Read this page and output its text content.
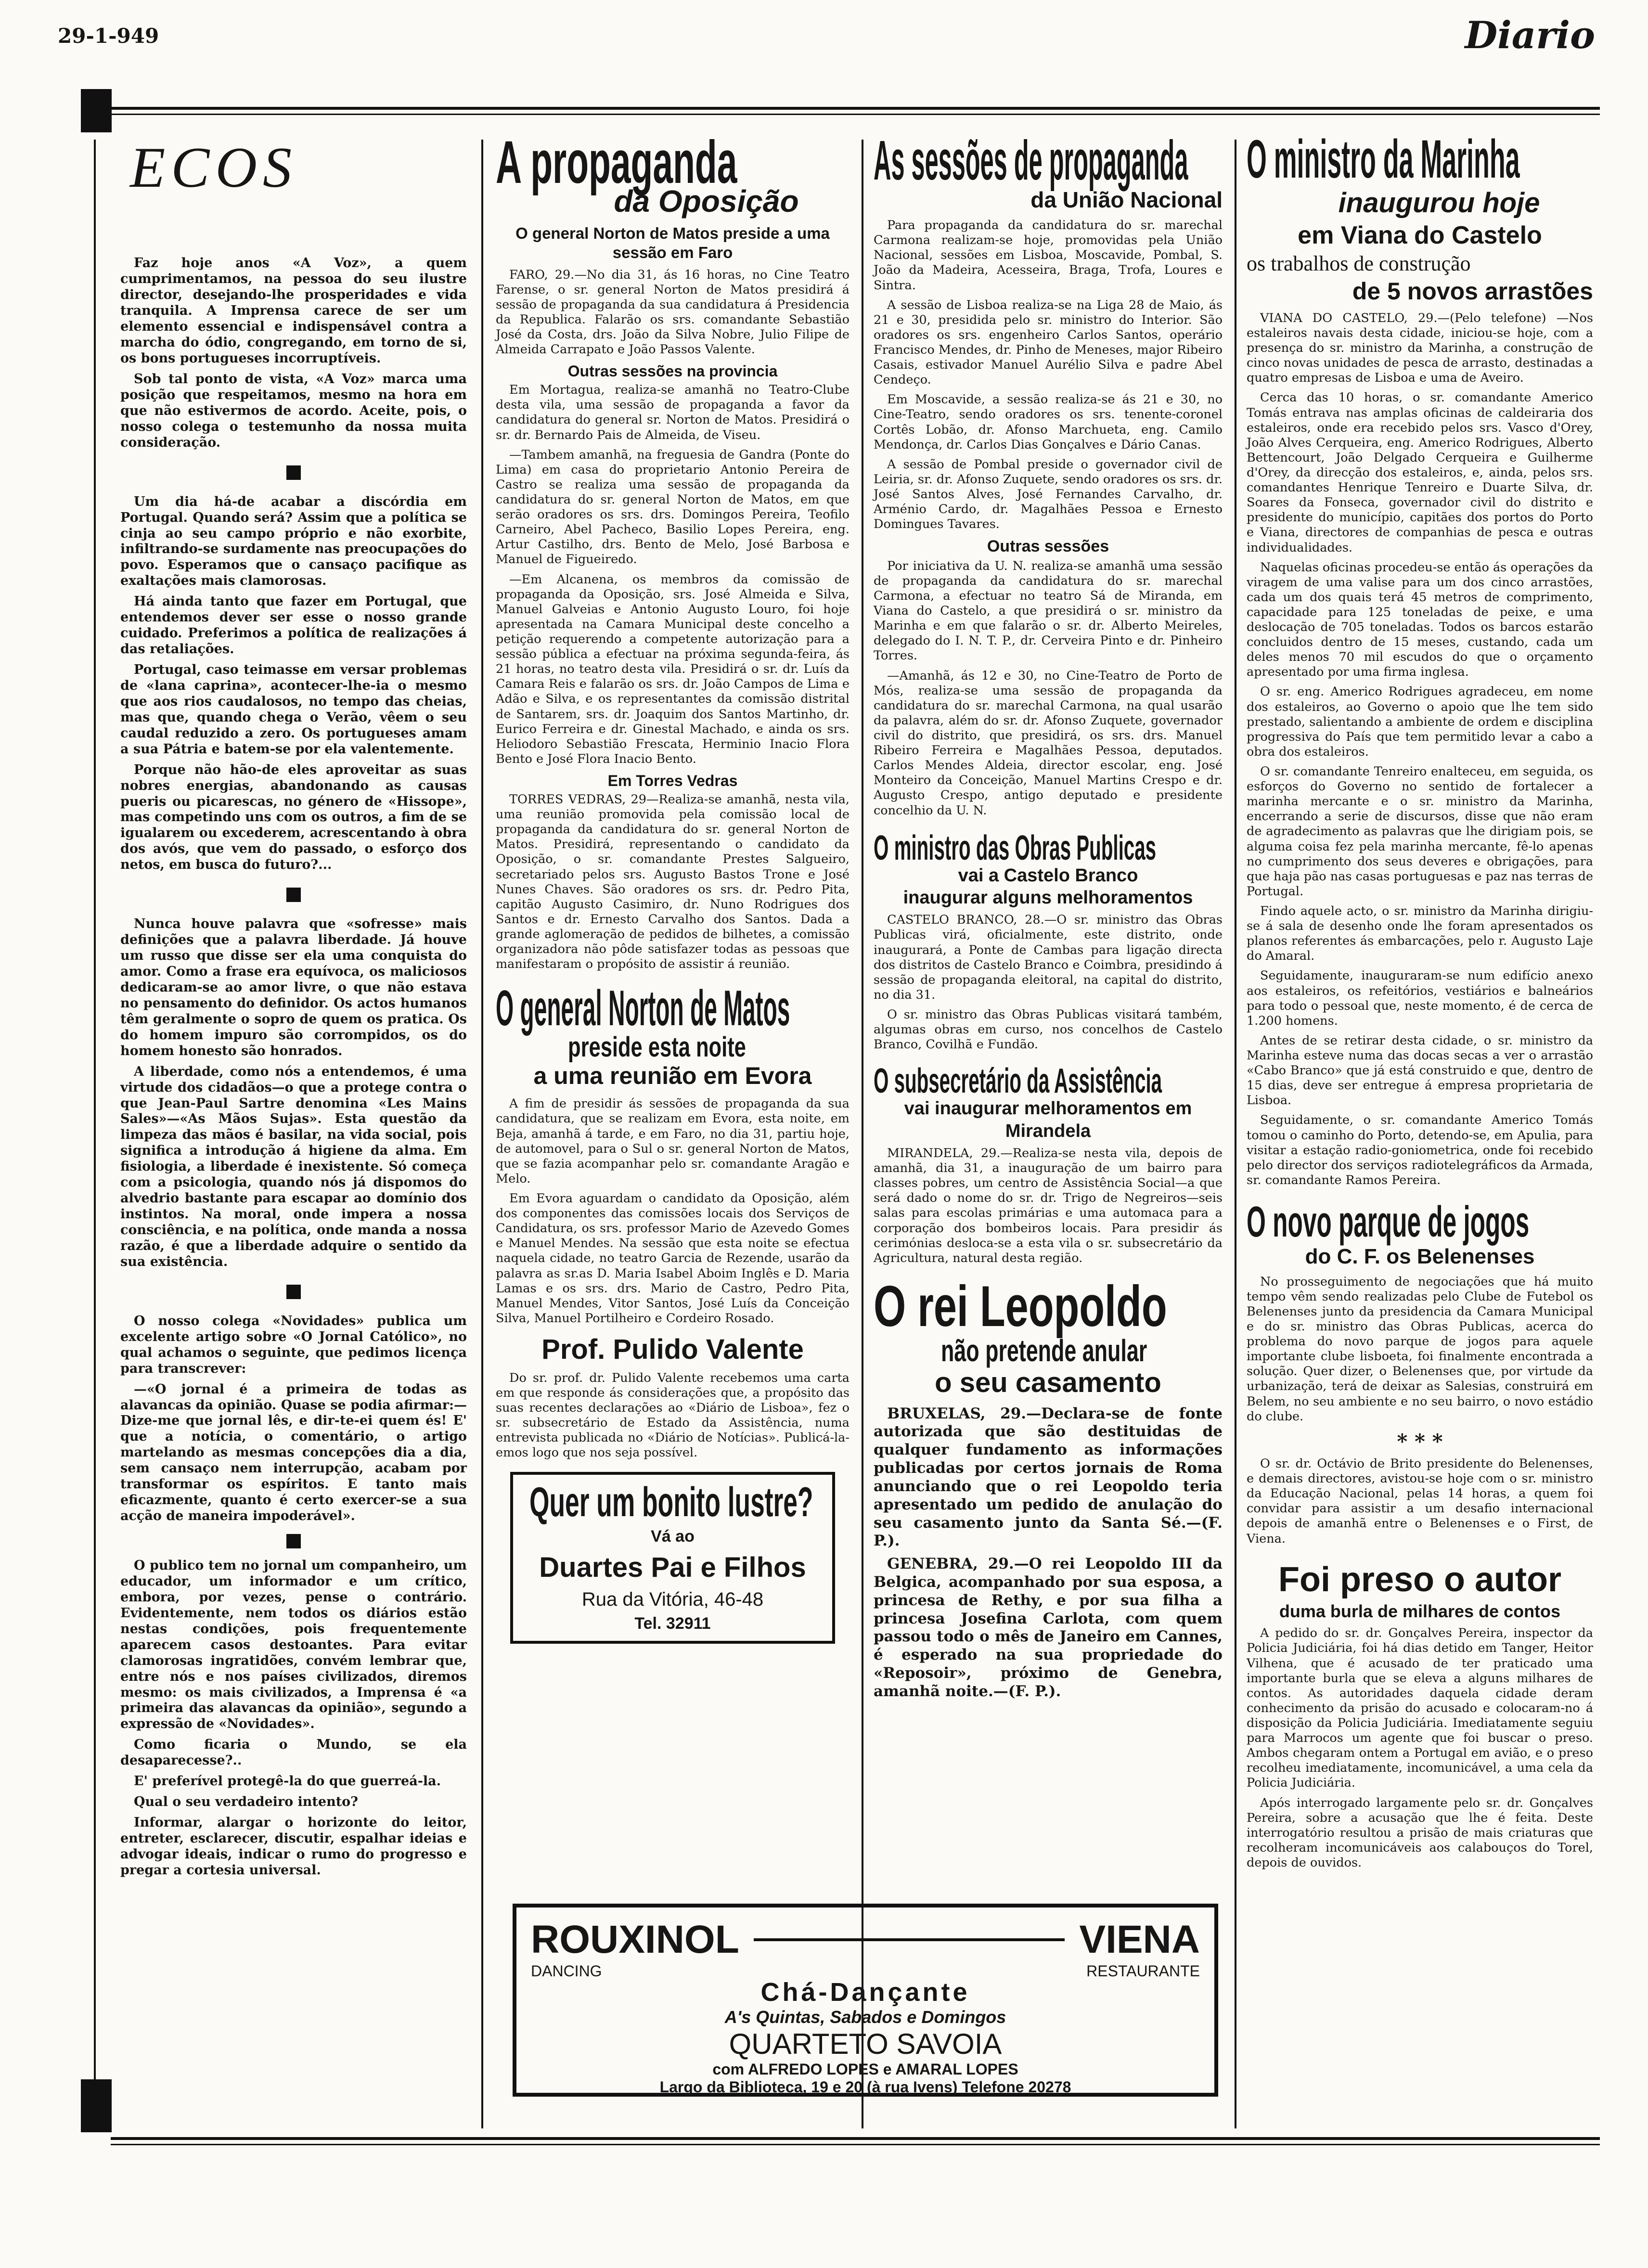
29-1-949	Diario
ECOS

Faz hoje anos «A Voz», a quem cumprimentamos, na pessoa do seu ilustre director, desejando-lhe prosperidades e vida tranquila. A Imprensa carece de ser um elemento essencial e indispensável contra a marcha do ódio, congregando, em torno de si, os bons portugueses incorruptíveis.

Sob tal ponto de vista, «A Voz» marca uma posição que respeitamos, mesmo na hora em que não estivermos de acordo. Aceite, pois, o nosso colega o testemunho da nossa muita consideração.

Um dia há-de acabar a discórdia em Portugal. Quando será? Assim que a política se cinja ao seu campo próprio e não exorbite, infiltrando-se surdamente nas preocupações do povo. Esperamos que o cansaço pacifique as exaltações mais clamorosas.

Há ainda tanto que fazer em Portugal, que entendemos dever ser esse o nosso grande cuidado. Preferimos a política de realizações á das retaliações.

Portugal, caso teimasse em versar problemas de «lana caprina», acontecer-lhe-ia o mesmo que aos rios caudalosos, no tempo das cheias, mas que, quando chega o Verão, vêem o seu caudal reduzido a zero. Os portugueses amam a sua Pátria e batem-se por ela valentemente.

Porque não hão-de eles aproveitar as suas nobres energias, abandonando as causas pueris ou picarescas, no género de «Hissope», mas competindo uns com os outros, a fim de se igualarem ou excederem, acrescentando à obra dos avós, que vem do passado, o esforço dos netos, em busca do futuro?...

Nunca houve palavra que «sofresse» mais definições que a palavra liberdade. Já houve um russo que disse ser ela uma conquista do amor. Como a frase era equívoca, os maliciosos dedicaram-se ao amor livre, o que não estava no pensamento do definidor. Os actos humanos têm geralmente o sopro de quem os pratica. Os do homem impuro são corrompidos, os do homem honesto são honrados.

A liberdade, como nós a entendemos, é uma virtude dos cidadãos—o que a protege contra o que Jean-Paul Sartre denomina «Les Mains Sales»—«As Mãos Sujas». Esta questão da limpeza das mãos é basilar, na vida social, pois significa a introdução á higiene da alma. Em fisiologia, a liberdade é inexistente. Só começa com a psicologia, quando nós já dispomos do alvedrio bastante para escapar ao domínio dos instintos. Na moral, onde impera a nossa consciência, e na política, onde manda a nossa razão, é que a liberdade adquire o sentido da sua existência.

O nosso colega «Novidades» publica um excelente artigo sobre «O Jornal Católico», no qual achamos o seguinte, que pedimos licença para transcrever:

—«O jornal é a primeira de todas as alavancas da opinião. Quase se podia afirmar:—Dize-me que jornal lês, e dir-te-ei quem és! E' que a notícia, o comentário, o artigo martelando as mesmas concepções dia a dia, sem cansaço nem interrupção, acabam por transformar os espíritos. E tanto mais eficazmente, quanto é certo exercer-se a sua acção de maneira impoderável».

O publico tem no jornal um companheiro, um educador, um informador e um crítico, embora, por vezes, pense o contrário. Evidentemente, nem todos os diários estão nestas condições, pois frequentemente aparecem casos destoantes. Para evitar clamorosas ingratidões, convém lembrar que, entre nós e nos países civilizados, diremos mesmo: os mais civilizados, a Imprensa é «a primeira das alavancas da opinião», segundo a expressão de «Novidades».

Como ficaria o Mundo, se ela desaparecesse?..

E' preferível protegê-la do que guerreá-la.

Qual o seu verdadeiro intento?

Informar, alargar o horizonte do leitor, entreter, esclarecer, discutir, espalhar ideias e advogar ideais, indicar o rumo do progresso e pregar a cortesia universal.

A propaganda
da Oposição
O general Norton de Matos preside a uma sessão em Faro

FARO, 29.—No dia 31, ás 16 horas, no Cine Teatro Farense, o sr. general Norton de Matos presidirá á sessão de propaganda da sua candidatura á Presidencia da Republica. Falarão os srs. comandante Sebastião José da Costa, drs. João da Silva Nobre, Julio Filipe de Almeida Carrapato e João Passos Valente.

Outras sessões na provincia

Em Mortagua, realiza-se amanhã no Teatro-Clube desta vila, uma sessão de propaganda a favor da candidatura do general sr. Norton de Matos. Presidirá o sr. dr. Bernardo Pais de Almeida, de Viseu.

—Tambem amanhã, na freguesia de Gandra (Ponte do Lima) em casa do proprietario Antonio Pereira de Castro se realiza uma sessão de propaganda da candidatura do sr. general Norton de Matos, em que serão oradores os srs. drs. Domingos Pereira, Teofilo Carneiro, Abel Pacheco, Basilio Lopes Pereira, eng. Artur Castilho, drs. Bento de Melo, José Barbosa e Manuel de Figueiredo.

—Em Alcanena, os membros da comissão de propaganda da Oposição, srs. José Almeida e Silva, Manuel Galveias e Antonio Augusto Louro, foi hoje apresentada na Camara Municipal deste concelho a petição requerendo a competente autorização para a sessão pública a efectuar na próxima segunda-feira, ás 21 horas, no teatro desta vila. Presidirá o sr. dr. Luís da Camara Reis e falarão os srs. dr. João Campos de Lima e Adão e Silva, e os representantes da comissão distrital de Santarem, srs. dr. Joaquim dos Santos Martinho, dr. Eurico Ferreira e dr. Ginestal Machado, e ainda os srs. Heliodoro Sebastião Frescata, Herminio Inacio Flora Bento e José Flora Inacio Bento.

Em Torres Vedras

TORRES VEDRAS, 29—Realiza-se amanhã, nesta vila, uma reunião promovida pela comissão local de propaganda da candidatura do sr. general Norton de Matos. Presidirá, representando o candidato da Oposição, o sr. comandante Prestes Salgueiro, secretariado pelos srs. Augusto Bastos Trone e José Nunes Chaves. São oradores os srs. dr. Pedro Pita, capitão Augusto Casimiro, dr. Nuno Rodrigues dos Santos e dr. Ernesto Carvalho dos Santos. Dada a grande aglomeração de pedidos de bilhetes, a comissão organizadora não pôde satisfazer todas as pessoas que manifestaram o propósito de assistir á reunião.

O general Norton de Matos
preside esta noite
a uma reunião em Evora

A fim de presidir ás sessões de propaganda da sua candidatura, que se realizam em Evora, esta noite, em Beja, amanhã á tarde, e em Faro, no dia 31, partiu hoje, de automovel, para o Sul o sr. general Norton de Matos, que se fazia acompanhar pelo sr. comandante Aragão e Melo.

Em Evora aguardam o candidato da Oposição, além dos componentes das comissões locais dos Serviços de Candidatura, os srs. professor Mario de Azevedo Gomes e Manuel Mendes. Na sessão que esta noite se efectua naquela cidade, no teatro Garcia de Rezende, usarão da palavra as sr.as D. Maria Isabel Aboim Inglês e D. Maria Lamas e os srs. drs. Mario de Castro, Pedro Pita, Manuel Mendes, Vitor Santos, José Luís da Conceição Silva, Manuel Portilheiro e Cordeiro Rosado.

Prof. Pulido Valente

Do sr. prof. dr. Pulido Valente recebemos uma carta em que responde ás considerações que, a propósito das suas recentes declarações ao «Diário de Lisboa», fez o sr. subsecretário de Estado da Assistência, numa entrevista publicada no «Diário de Notícias». Publicá-la-emos logo que nos seja possível.

Quer um bonito lustre?
Vá ao
Duartes Pai e Filhos
Rua da Vitória, 46-48
Tel. 32911
As sessões de propaganda
da União Nacional

Para propaganda da candidatura do sr. marechal Carmona realizam-se hoje, promovidas pela União Nacional, sessões em Lisboa, Moscavide, Pombal, S. João da Madeira, Acesseira, Braga, Trofa, Loures e Sintra.

A sessão de Lisboa realiza-se na Liga 28 de Maio, ás 21 e 30, presidida pelo sr. ministro do Interior. São oradores os srs. engenheiro Carlos Santos, operário Francisco Mendes, dr. Pinho de Meneses, major Ribeiro Casais, estivador Manuel Aurélio Silva e padre Abel Cendeço.

Em Moscavide, a sessão realiza-se ás 21 e 30, no Cine-Teatro, sendo oradores os srs. tenente-coronel Cortês Lobão, dr. Afonso Marchueta, eng. Camilo Mendonça, dr. Carlos Dias Gonçalves e Dário Canas.

A sessão de Pombal preside o governador civil de Leiria, sr. dr. Afonso Zuquete, sendo oradores os srs. dr. José Santos Alves, José Fernandes Carvalho, dr. Arménio Cardo, dr. Magalhães Pessoa e Ernesto Domingues Tavares.

Outras sessões

Por iniciativa da U. N. realiza-se amanhã uma sessão de propaganda da candidatura do sr. marechal Carmona, a efectuar no teatro Sá de Miranda, em Viana do Castelo, a que presidirá o sr. ministro da Marinha e em que falarão o sr. dr. Alberto Meireles, delegado do I. N. T. P., dr. Cerveira Pinto e dr. Pinheiro Torres.

—Amanhã, ás 12 e 30, no Cine-Teatro de Porto de Mós, realiza-se uma sessão de propaganda da candidatura do sr. marechal Carmona, na qual usarão da palavra, além do sr. dr. Afonso Zuquete, governador civil do distrito, que presidirá, os srs. drs. Manuel Ribeiro Ferreira e Magalhães Pessoa, deputados. Carlos Mendes Aldeia, director escolar, eng. José Monteiro da Conceição, Manuel Martins Crespo e dr. Augusto Crespo, antigo deputado e presidente concelhio da U. N.

O ministro das Obras Publicas
vai a Castelo Branco
inaugurar alguns melhoramentos

CASTELO BRANCO, 28.—O sr. ministro das Obras Publicas virá, oficialmente, este distrito, onde inaugurará, a Ponte de Cambas para ligação directa dos distritos de Castelo Branco e Coimbra, presidindo á sessão de propaganda eleitoral, na capital do distrito, no dia 31.

O sr. ministro das Obras Publicas visitará também, algumas obras em curso, nos concelhos de Castelo Branco, Covilhã e Fundão.

O subsecretário da Assistência
vai inaugurar melhoramentos em Mirandela

MIRANDELA, 29.—Realiza-se nesta vila, depois de amanhã, dia 31, a inauguração de um bairro para classes pobres, um centro de Assistência Social—a que será dado o nome do sr. dr. Trigo de Negreiros—seis salas para escolas primárias e uma automaca para a corporação dos bombeiros locais. Para presidir ás cerimónias desloca-se a esta vila o sr. subsecretário da Agricultura, natural desta região.

O rei Leopoldo
não pretende anular
o seu casamento

BRUXELAS, 29.—Declara-se de fonte autorizada que são destituidas de qualquer fundamento as informações publicadas por certos jornais de Roma anunciando que o rei Leopoldo teria apresentado um pedido de anulação do seu casamento junto da Santa Sé.—(F. P.).

GENEBRA, 29.—O rei Leopoldo III da Belgica, acompanhado por sua esposa, a princesa de Rethy, e por sua filha a princesa Josefina Carlota, com quem passou todo o mês de Janeiro em Cannes, é esperado na sua propriedade do «Reposoir», próximo de Genebra, amanhã noite.—(F. P.).

O ministro da Marinha
inaugurou hoje
em Viana do Castelo
os trabalhos de construção
de 5 novos arrastões

VIANA DO CASTELO, 29.—(Pelo telefone) —Nos estaleiros navais desta cidade, iniciou-se hoje, com a presença do sr. ministro da Marinha, a construção de cinco novas unidades de pesca de arrasto, destinadas a quatro empresas de Lisboa e uma de Aveiro.

Cerca das 10 horas, o sr. comandante Americo Tomás entrava nas amplas oficinas de caldeiraria dos estaleiros, onde era recebido pelos srs. Vasco d'Orey, João Alves Cerqueira, eng. Americo Rodrigues, Alberto Bettencourt, João Delgado Cerqueira e Guilherme d'Orey, da direcção dos estaleiros, e, ainda, pelos srs. comandantes Henrique Tenreiro e Duarte Silva, dr. Soares da Fonseca, governador civil do distrito e presidente do município, capitães dos portos do Porto e Viana, directores de companhias de pesca e outras individualidades.

Naquelas oficinas procedeu-se então ás operações da viragem de uma valise para um dos cinco arrastões, cada um dos quais terá 45 metros de comprimento, capacidade para 125 toneladas de peixe, e uma deslocação de 705 toneladas. Todos os barcos estarão concluidos dentro de 15 meses, custando, cada um deles menos 70 mil escudos do que o orçamento apresentado por uma firma inglesa.

O sr. eng. Americo Rodrigues agradeceu, em nome dos estaleiros, ao Governo o apoio que lhe tem sido prestado, salientando a ambiente de ordem e disciplina progressiva do País que tem permitido levar a cabo a obra dos estaleiros.

O sr. comandante Tenreiro enalteceu, em seguida, os esforços do Governo no sentido de fortalecer a marinha mercante e o sr. ministro da Marinha, encerrando a serie de discursos, disse que não eram de agradecimento as palavras que lhe dirigiam pois, se alguma coisa fez pela marinha mercante, fê-lo apenas no cumprimento dos seus deveres e obrigações, para que haja pão nas casas portuguesas e paz nas terras de Portugal.

Findo aquele acto, o sr. ministro da Marinha dirigiu-se á sala de desenho onde lhe foram apresentados os planos referentes ás embarcações, pelo r. Augusto Laje do Amaral.

Seguidamente, inauguraram-se num edifício anexo aos estaleiros, os refeitórios, vestiários e balneários para todo o pessoal que, neste momento, é de cerca de 1.200 homens.

Antes de se retirar desta cidade, o sr. ministro da Marinha esteve numa das docas secas a ver o arrastão «Cabo Branco» que já está construido e que, dentro de 15 dias, deve ser entregue á empresa proprietaria de Lisboa.

Seguidamente, o sr. comandante Americo Tomás tomou o caminho do Porto, detendo-se, em Apulia, para visitar a estação radio-goniometrica, onde foi recebido pelo director dos serviços radiotelegráficos da Armada, sr. comandante Ramos Pereira.

O novo parque de jogos
do C. F. os Belenenses

No prosseguimento de negociações que há muito tempo vêm sendo realizadas pelo Clube de Futebol os Belenenses junto da presidencia da Camara Municipal e do sr. ministro das Obras Publicas, acerca do problema do novo parque de jogos para aquele importante clube lisboeta, foi finalmente encontrada a solução. Quer dizer, o Belenenses que, por virtude da urbanização, terá de deixar as Salesias, construirá em Belem, no seu ambiente e no seu bairro, o novo estádio do clube.

* * *

O sr. dr. Octávio de Brito presidente do Belenenses, e demais directores, avistou-se hoje com o sr. ministro da Educação Nacional, pelas 14 horas, a quem foi convidar para assistir a um desafio internacional depois de amanhã entre o Belenenses e o First, de Viena.

Foi preso o autor
duma burla de milhares de contos

A pedido do sr. dr. Gonçalves Pereira, inspector da Policia Judiciária, foi há dias detido em Tanger, Heitor Vilhena, que é acusado de ter praticado uma importante burla que se eleva a alguns milhares de contos. As autoridades daquela cidade deram conhecimento da prisão do acusado e colocaram-no á disposição da Policia Judiciária. Imediatamente seguiu para Marrocos um agente que foi buscar o preso. Ambos chegaram ontem a Portugal em avião, e o preso recolheu imediatamente, incomunicável, a uma cela da Policia Judiciária.

Após interrogado largamente pelo sr. dr. Gonçalves Pereira, sobre a acusação que lhe é feita. Deste interrogatório resultou a prisão de mais criaturas que recolheram incomunicáveis aos calabouços do Torel, depois de ouvidos.

ROUXINOL	VIENA
DANCING	RESTAURANTE
Chá-Dançante
A's Quintas, Sabados e Domingos
QUARTETO SAVOIA
com ALFREDO LOPES e AMARAL LOPES
Largo da Biblioteca, 19 e 20 (à rua Ivens) Telefone 20278
